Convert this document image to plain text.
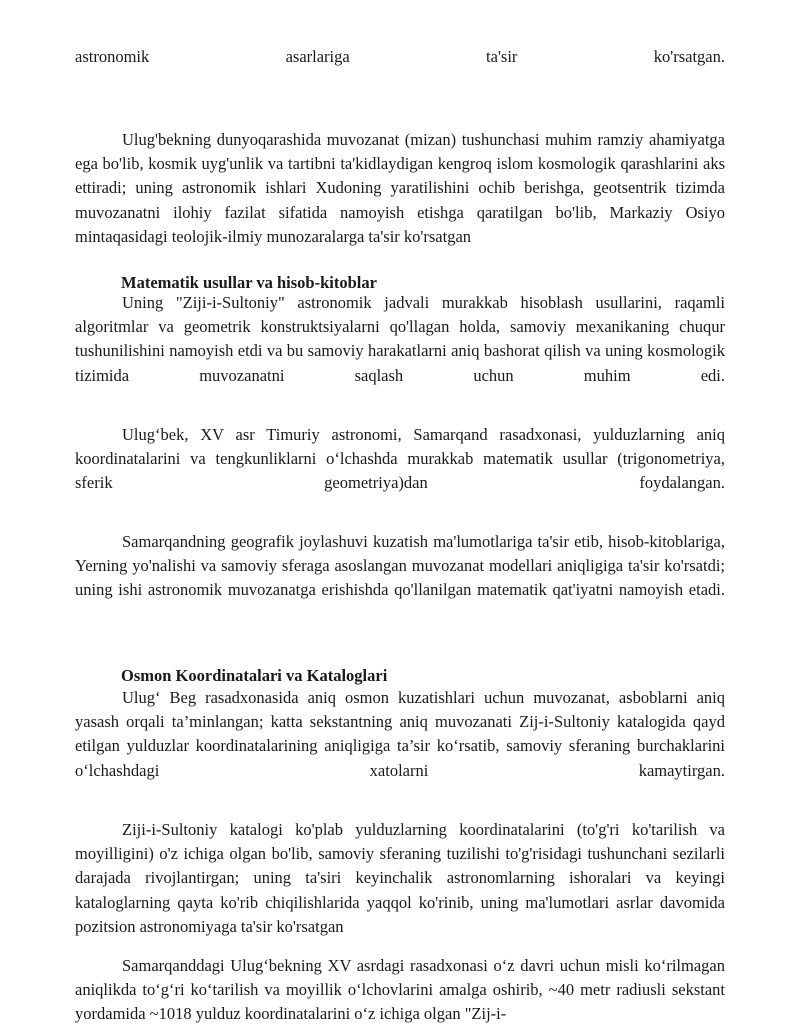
astronomik asarlariga ta'sir ko'rsatgan.

Ulug'bekning dunyoqarashida muvozanat (mizan) tushunchasi muhim ramziy ahamiyatga ega bo'lib, kosmik uyg'unlik va tartibni ta'kidlaydigan kengroq islom kosmologik qarashlarini aks ettiradi; uning astronomik ishlari Xudoning yaratilishini ochib berishga, geotsentrik tizimda muvozanatni ilohiy fazilat sifatida namoyish etishga qaratilgan bo'lib, Markaziy Osiyo mintaqasidagi teolojik-ilmiy munozaralarga ta'sir ko'rsatgan

Matematik usullar va hisob-kitoblar

Uning "Ziji-i-Sultoniy" astronomik jadvali murakkab hisoblash usullarini, raqamli algoritmlar va geometrik konstruktsiyalarni qo'llagan holda, samoviy mexanikaning chuqur tushunilishini namoyish etdi va bu samoviy harakatlarni aniq bashorat qilish va uning kosmologik tizimida muvozanatni saqlash uchun muhim edi.

Ulug‘bek, XV asr Timuriy astronomi, Samarqand rasadxonasi, yulduzlarning aniq koordinatalarini va tengkunliklarni o‘lchashda murakkab matematik usullar (trigonometriya, sferik geometriya)dan foydalangan.

Samarqandning geografik joylashuvi kuzatish ma'lumotlariga ta'sir etib, hisob-kitoblariga, Yerning yo'nalishi va samoviy sferaga asoslangan muvozanat modellari aniqligiga ta'sir ko'rsatdi; uning ishi astronomik muvozanatga erishishda qo'llanilgan matematik qat'iyatni namoyish etadi.

Osmon Koordinatalari va Kataloglari

Ulug‘ Beg rasadxonasida aniq osmon kuzatishlari uchun muvozanat, asboblarni aniq yasash orqali ta’minlangan; katta sekstantning aniq muvozanati Zij-i-Sultoniy katalogida qayd etilgan yulduzlar koordinatalarining aniqligiga ta’sir ko‘rsatib, samoviy sferaning burchaklarini o‘lchashdagi xatolarni kamaytirgan.

Ziji-i-Sultoniy katalogi ko'plab yulduzlarning koordinatalarini (to'g'ri ko'tarilish va moyilligini) o'z ichiga olgan bo'lib, samoviy sferaning tuzilishi to'g'risidagi tushunchani sezilarli darajada rivojlantirgan; uning ta'siri keyinchalik astronomlarning ishoralari va keyingi kataloglarning qayta ko'rib chiqilishlarida yaqqol ko'rinib, uning ma'lumotlari asrlar davomida pozitsion astronomiyaga ta'sir ko'rsatgan

Samarqanddagi Ulug‘bekning XV asrdagi rasadxonasi o‘z davri uchun misli ko‘rilmagan aniqlikda to‘g‘ri ko‘tarilish va moyillik o‘lchovlarini amalga oshirib, ~40 metr radiusli sekstant yordamida ~1018 yulduz koordinatalarini o‘z ichiga olgan "Zij-i-
